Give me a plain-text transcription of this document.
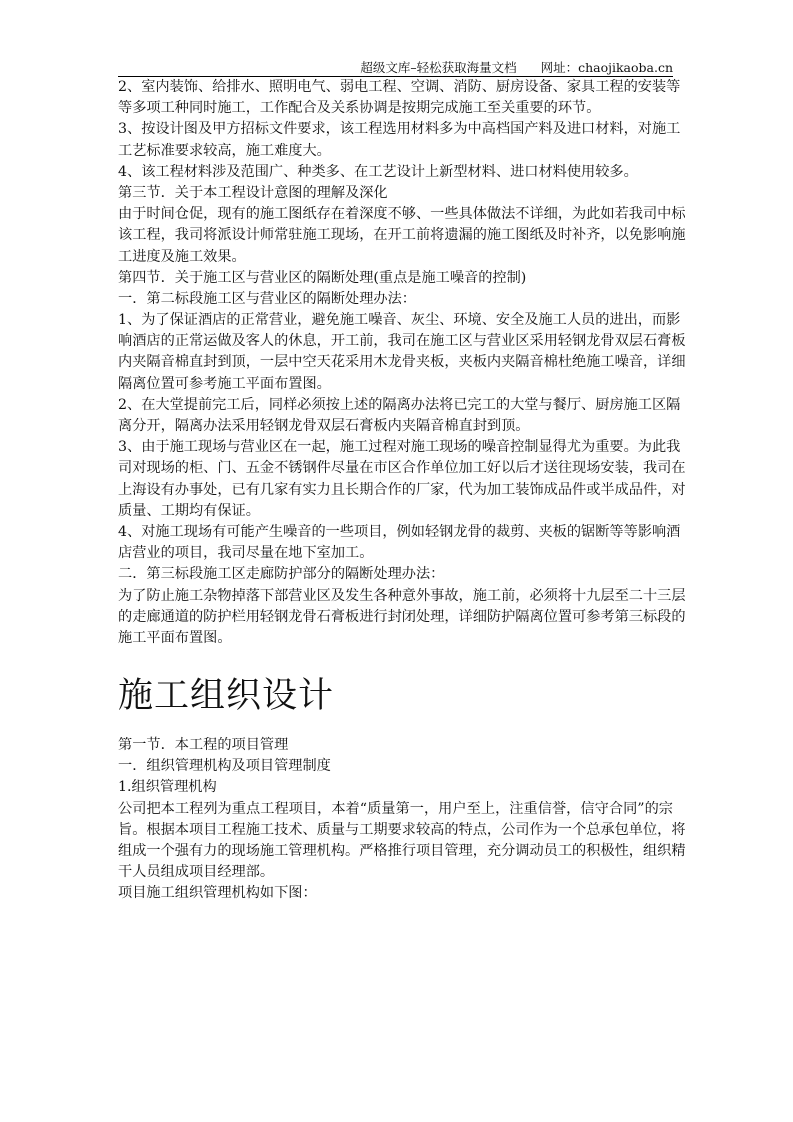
超级文库–轻松获取海量文档 网址：chaojikaoba.cn
2、室内装饰、给排水、照明电气、弱电工程、空调、消防、厨房设备、家具工程的安装等
等多项工种同时施工，工作配合及关系协调是按期完成施工至关重要的环节。
3、按设计图及甲方招标文件要求，该工程选用材料多为中高档国产料及进口材料，对施工
工艺标准要求较高，施工难度大。
4、该工程材料涉及范围广、种类多、在工艺设计上新型材料、进口材料使用较多。
第三节．关于本工程设计意图的理解及深化
由于时间仓促，现有的施工图纸存在着深度不够、一些具体做法不详细，为此如若我司中标
该工程，我司将派设计师常驻施工现场，在开工前将遗漏的施工图纸及时补齐，以免影响施
工进度及施工效果。
第四节．关于施工区与营业区的隔断处理(重点是施工噪音的控制)
一．第二标段施工区与营业区的隔断处理办法：
1、为了保证酒店的正常营业，避免施工噪音、灰尘、环境、安全及施工人员的进出，而影
响酒店的正常运做及客人的休息，开工前，我司在施工区与营业区采用轻钢龙骨双层石膏板
内夹隔音棉直封到顶，一层中空天花采用木龙骨夹板，夹板内夹隔音棉杜绝施工噪音，详细
隔离位置可参考施工平面布置图。
2、在大堂提前完工后，同样必须按上述的隔离办法将已完工的大堂与餐厅、厨房施工区隔
离分开，隔离办法采用轻钢龙骨双层石膏板内夹隔音棉直封到顶。
3、由于施工现场与营业区在一起，施工过程对施工现场的噪音控制显得尤为重要。为此我
司对现场的柜、门、五金不锈钢件尽量在市区合作单位加工好以后才送往现场安装，我司在
上海设有办事处，已有几家有实力且长期合作的厂家，代为加工装饰成品件或半成品件，对
质量、工期均有保证。
4、对施工现场有可能产生噪音的一些项目，例如轻钢龙骨的裁剪、夹板的锯断等等影响酒
店营业的项目，我司尽量在地下室加工。
二．第三标段施工区走廊防护部分的隔断处理办法：
为了防止施工杂物掉落下部营业区及发生各种意外事故，施工前，必须将十九层至二十三层
的走廊通道的防护栏用轻钢龙骨石膏板进行封闭处理，详细防护隔离位置可参考第三标段的
施工平面布置图。
施工组织设计
第一节．本工程的项目管理
一．组织管理机构及项目管理制度
1.组织管理机构
公司把本工程列为重点工程项目，本着“质量第一，用户至上，注重信誉，信守合同”的宗
旨。根据本项目工程施工技术、质量与工期要求较高的特点，公司作为一个总承包单位，将
组成一个强有力的现场施工管理机构。严格推行项目管理，充分调动员工的积极性，组织精
干人员组成项目经理部。
项目施工组织管理机构如下图：
